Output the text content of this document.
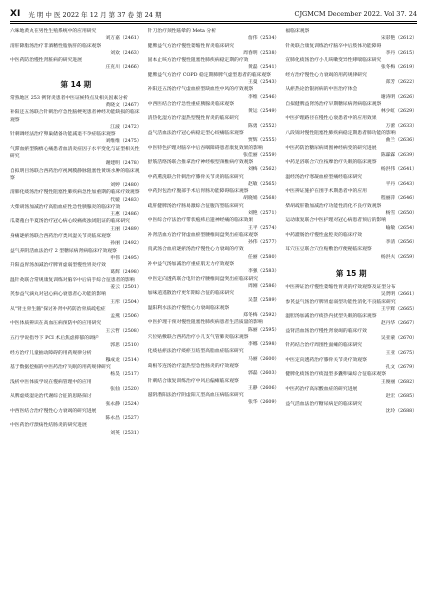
XI 光 明 中 医 2022 年 12 月 第 37 卷 第 24 期	CJGMCM December 2022. Vol 37. 24
六味地黄丸在男性生殖系统中的应用研究
刘万嘉（2461）
清肝降脂汤治疗非酒精性脂肪肝的临床观察
刘欢（2463）
中医药防治慢性肾脏病的研究进展
庄克川（2466）
第 14 期
常熟地区 253 例肾炎患者中医证候特点及相关因素分析
黄晓文（2467）
补阳还五汤联合针刺治疗急性脑梗死患者神经功能缺损的临床观察
江波（2472）
针刺调经法治疗卵巢储备功能减退不孕症临床观察
刘维维（2475）
气滞血瘀型胸痹心痛患者血清炎症因子水平变化与证型相关性研究
谢建明（2478）
自拟明目汤联合西药治疗视网膜静脉阻塞性黄斑水肿的临床观察
刘婷（2480）
清肺化痰汤治疗慢性阻塞性肺疾病急性加重期的临床疗效观察
代媛（2483）
大柴胡汤加减治疗高脂血症性急性胰腺炎的临床疗效
王惠（2486）
瓜蒌薤白半夏汤治疗冠心病心绞痛痰浊闭阻证的临床研究
王丽（2489）
身痛逐瘀汤联合西药治疗类风湿关节炎临床观察
孙丽（2492）
益气养阴活血法治疗 2 型糖尿病肾病临床疗效观察
申伟（2495）
升阳益胃汤加减治疗脾胃虚弱型慢性胃炎疗效
葛辉（2498）
温针灸联合常规康复训练对脑卒中后肩手综合征患者的影响
姜云（2501）
芪参益气滴丸对冠心病心衰患者心功能的影响
王彤（2504）
从"肾主骨生髓"探讨补肾中药防治骨质疏松症
孟燕（2506）
中医体质辨识在高血压病预防中的应用研究
王云哲（2508）
五行学说指导下 PCI 术后焦虑抑郁的调护
郭思（2510）
经方治疗儿童抽动障碍的用药规律分析
穆成龙（2514）
基于数据挖掘的中医药治疗失眠的用药规律研究
杨昊（2517）
浅析中医体质学说在慢病管理中的应用
张仙（2520）
从脾虚痰湿论治代谢综合征的思路探讨
张永静（2524）
中西医结合治疗慢性心力衰竭的研究进展
陈永昌（2527）
中医药治疗溃疡性结肠炎的研究进展
刘英（2531）
针刀治疗颈性眩晕的 Meta 分析
詹伟（2534）
健脾益气方治疗慢性萎缩性胃炎临床研究
周春明（2538）
固本止咳方治疗慢性阻塞性肺疾病稳定期的疗效
黄磊（2541）
健脾益气方治疗 COPD 稳定期肺脾气虚型患者的临床观察
王曼（2543）
补阳还五汤治疗气虚血瘀型缺血性中风的疗效观察
李维（2546）
中西医结合治疗急性重症胰腺炎临床观察
黄运（2549）
清热化湿方治疗湿热型慢性胃炎的临床研究
陈勇（2552）
益气活血法治疗冠心病稳定型心绞痛临床观察
贾辉（2555）
中医特色护理对脑卒中后吞咽障碍患者康复效果的影响
张佳丽（2559）
舒筋活络汤联合推拿治疗神经根型颈椎病疗效观察
刘梅（2562）
中药熏洗联合针刺治疗膝骨关节炎的临床研究
赵敏（2565）
中药封包治疗腹部手术后胃肠功能障碍临床观察
胡晓娟（2568）
疏肝健脾汤治疗肠易激综合征腹泻型临床研究
刘艳（2571）
中医综合疗法治疗带状疱疹后遗神经痛的临床效果
王平（2574）
补肾活血方治疗肾虚血瘀型腰椎间盘突出症临床观察
孙伟（2577）
真武汤合血府逐瘀汤治疗慢性心力衰竭的疗效
任丽（2580）
补中益气汤加减治疗重症肌无力疗效观察
李强（2583）
中医定向透药联合电针治疗腰椎间盘突出症临床研究
周刚（2586）
加味逍遥散治疗更年期综合征的临床研究
吴慧（2589）
温阳利水法治疗慢性心力衰竭临床观察
郑冬梅（2592）
中医护理干预对慢性阻塞性肺疾病患者生活质量的影响
陈丽（2595）
穴位贴敷联合西药治疗小儿支气管肺炎临床观察
李娜（2598）
化痰祛瘀法治疗痰瘀互结型高脂血症临床研究
马丽（2600）
葛根芩连汤治疗湿热型急性肠炎的疗效观察
郭磊（2603）
针刺结合康复训练治疗中风后偏瘫临床观察
王静（2606）
滋阴潜阳法治疗阴虚阳亢型高血压病临床研究
张华（2609）
福临床观察
宋彩艳（2612）
针灸联合康复训练治疗脑卒中后肢体功能障碍
李丹（2615）
宣肺化痰汤治疗小儿咳嗽变异性哮喘临床研究
张冬梅（2619）
经方治疗慢性心力衰竭的用药规律研究
郑芳（2622）
从瘀热论治银屑病的中医治疗体会
谢涛明（2626）
自拟健脾益肾汤治疗早期糖尿病肾病临床观察
林少虹（2629）
中医护理路径在慢性心衰患者中的应用效果
万蕾（2633）
八段锦对慢性阻塞性肺疾病稳定期患者肺功能的影响
曲兰（2636）
中医药防治糖尿病周围神经病变的研究进展
陈霖霖（2639）
中药足浴联合穴位按摩治疗失眠的临床观察
杨洪伟（2641）
温经汤治疗寒凝血瘀型痛经临床研究
平丹（2643）
中医辨证施护在围手术期患者中的应用
程丽萍（2646）
柴胡疏肝散加减治疗功能性消化不良疗效观察
杨雪（2650）
运动康复联合中医护理对冠心病患者预后的影响
喻敏（2654）
中药灌肠治疗慢性盆腔炎的临床疗效
李清（2656）
耳穴压豆联合穴位贴敷治疗便秘临床观察
杨洪夫（2659）
第 15 期
中医辨证治疗慢性萎缩性胃炎的疗效观察及证型分布
吴贤明（2661）
参芪益气汤治疗脾胃虚弱型功能性消化不良临床研究
王宇辉（2665）
温胆汤加减治疗痰热内扰型失眠的临床观察
赵丹华（2667）
益肾活血汤治疗慢性肾衰竭的临床疗效
吴亚蒙（2670）
针药结合治疗周围性面瘫的临床研究
王亚（2675）
中医定向透药治疗膝骨关节炎疗效观察
孔文（2679）
健脾化痰汤治疗痰湿型多囊卵巢综合征临床观察
王俊丽（2682）
中医药治疗高尿酸血症的研究进展
赵宏（2685）
益气活血法治疗糖尿病足的临床研究
沈玲（2688）
